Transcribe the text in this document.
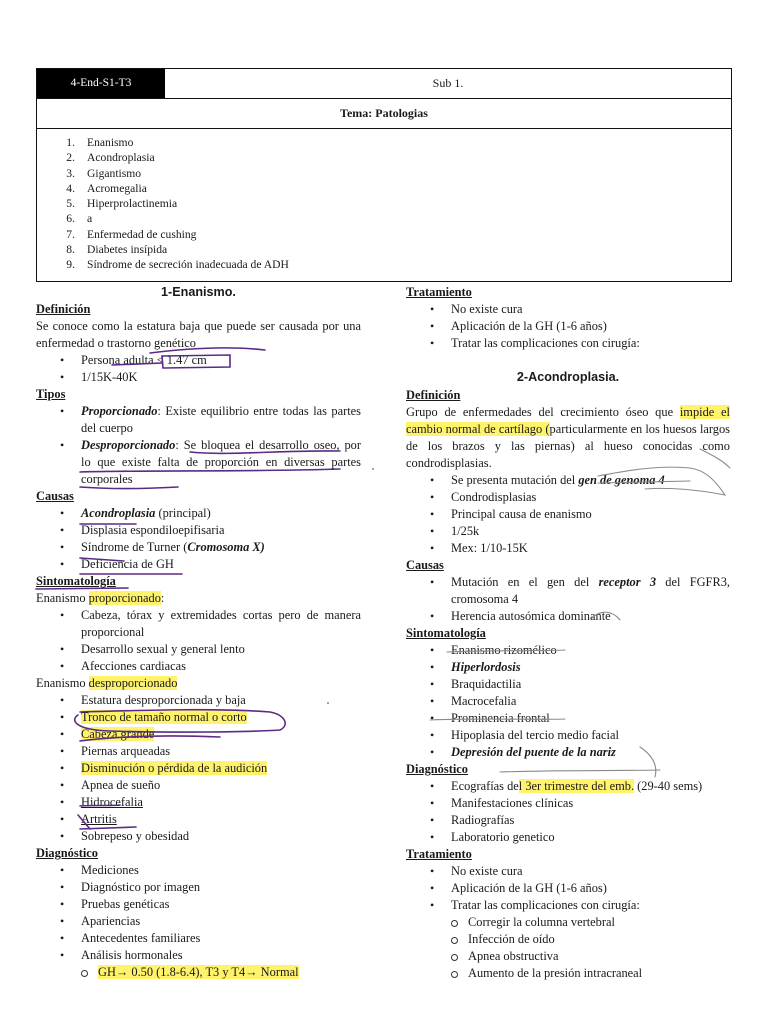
4-End-S1-T3	Sub 1.
Tema: Patologias
1.	Enanismo
2.	Acondroplasia
3.	Gigantismo
4.	Acromegalia
5.	Hiperprolactinemia
6.	a
7.	Enfermedad de cushing
8.	Diabetes insípida
9.	Síndrome de secreción inadecuada de ADH
1-Enanismo.
Definición
Se conoce como la estatura baja que puede ser causada por una enfermedad o trastorno genético
• Persona adulta < 1.47 cm
• 1/15K-40K
Tipos
• Proporcionado: Existe equilibrio entre todas las partes del cuerpo
• Desproporcionado: Se bloquea el desarrollo oseo, por lo que existe falta de proporción en diversas partes corporales
Causas
• Acondroplasia (principal)
• Displasia espondiloepifisaria
• Síndrome de Turner (Cromosoma X)
• Deficiencia de GH
Sintomatología
Enanismo proporcionado:
• Cabeza, tórax y extremidades cortas pero de manera proporcional
• Desarrollo sexual y general lento
• Afecciones cardiacas
Enanismo desproporcionado
• Estatura desproporcionada y baja
• Tronco de tamaño normal o corto
• Cabeza grande
• Piernas arqueadas
• Disminución o pérdida de la audición
• Apnea de sueño
• Hidrocefalia
• Artritis
• Sobrepeso y obesidad
Diagnóstico
• Mediciones
• Diagnóstico por imagen
• Pruebas genéticas
• Apariencias
• Antecedentes familiares
• Análisis hormonales
GH→ 0.50 (1.8-6.4), T3 y T4→ Normal
Tratamiento
• No existe cura
• Aplicación de la GH (1-6 años)
• Tratar las complicaciones con cirugía:
2-Acondroplasia.
Definición
Grupo de enfermedades del crecimiento óseo que impide el cambio normal de cartílago (particularmente en los huesos largos de los brazos y las piernas) al hueso conocidas como condrodisplasias.
• Se presenta mutación del gen de genoma 4
• Condrodisplasias
• Principal causa de enanismo
• 1/25k
• Mex: 1/10-15K
Causas
• Mutación en el gen del receptor 3 del FGFR3, cromosoma 4
• Herencia autosómica dominante
Sintomatología
• Enanismo rizomélico
• Hiperlordosis
• Braquidactilia
• Macrocefalia
• Prominencia frontal
• Hipoplasia del tercio medio facial
• Depresión del puente de la nariz
Diagnóstico
• Ecografías del 3er trimestre del emb. (29-40 sems)
• Manifestaciones clínicas
• Radiografías
• Laboratorio genetico
Tratamiento
• No existe cura
• Aplicación de la GH (1-6 años)
• Tratar las complicaciones con cirugía:
Corregir la columna vertebral
Infección de oído
Apnea obstructiva
Aumento de la presión intracraneal
